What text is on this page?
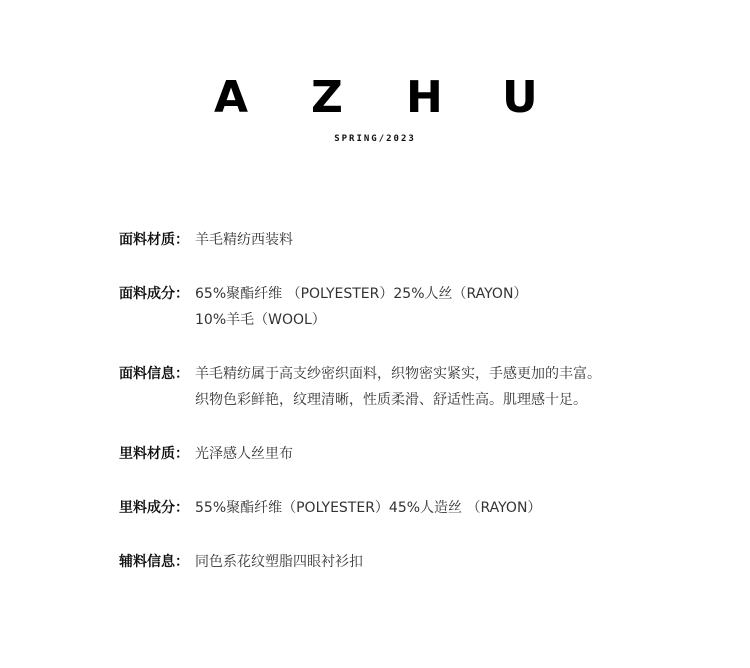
A Z H U
SPRING/2023
面料材质： 羊毛精纺西装料
面料成分： 65%聚酯纤维 （POLYESTER）25%人丝（RAYON）
10%羊毛（WOOL）
面料信息： 羊毛精纺属于高支纱密织面料，织物密实紧实，手感更加的丰富。
织物色彩鲜艳，纹理清晰，性质柔滑、舒适性高。肌理感十足。
里料材质： 光泽感人丝里布
里料成分： 55%聚酯纤维（POLYESTER）45%人造丝 （RAYON）
辅料信息： 同色系花纹塑脂四眼衬衫扣
